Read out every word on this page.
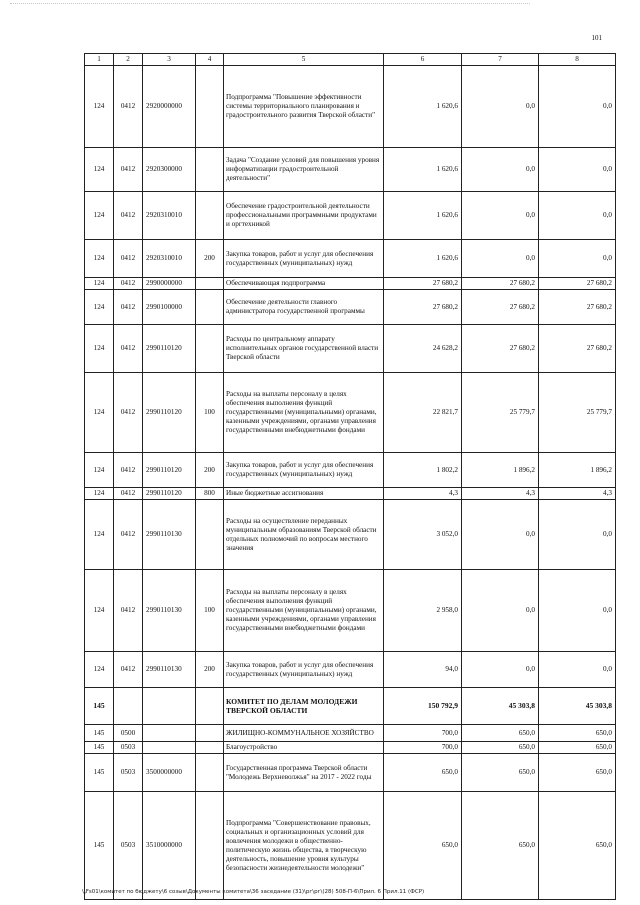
101
1	2	3	4	5	6	7	8
124	0412	2920000000		Подпрограмма "Повышение эффективности системы территориального планирования и градостроительного развития Тверской области"	1 620,6	0,0	0,0
124	0412	2920300000		Задача "Создание условий для повышения уровня информатизации градостроительной деятельности"	1 620,6	0,0	0,0
124	0412	2920310010		Обеспечение градостроительной деятельности профессиональными программными продуктами и оргтехникой	1 620,6	0,0	0,0
124	0412	2920310010	200	Закупка товаров, работ и услуг для обеспечения государственных (муниципальных) нужд	1 620,6	0,0	0,0
124	0412	2990000000		Обеспечивающая подпрограмма	27 680,2	27 680,2	27 680,2
124	0412	2990100000		Обеспечение деятельности главного администратора государственной программы	27 680,2	27 680,2	27 680,2
124	0412	2990110120		Расходы по центральному аппарату исполнительных органов государственной власти Тверской области	24 628,2	27 680,2	27 680,2
124	0412	2990110120	100	Расходы на выплаты персоналу в целях обеспечения выполнения функций государственными (муниципальными) органами, казенными учреждениями, органами управления государственными внебюджетными фондами	22 821,7	25 779,7	25 779,7
124	0412	2990110120	200	Закупка товаров, работ и услуг для обеспечения государственных (муниципальных) нужд	1 802,2	1 896,2	1 896,2
124	0412	2990110120	800	Иные бюджетные ассигнования	4,3	4,3	4,3
124	0412	2990110130		Расходы на осуществление переданных муниципальным образованиям Тверской области отдельных полномочий по вопросам местного значения	3 052,0	0,0	0,0
124	0412	2990110130	100	Расходы на выплаты персоналу в целях обеспечения выполнения функций государственными (муниципальными) органами, казенными учреждениями, органами управления государственными внебюджетными фондами	2 958,0	0,0	0,0
124	0412	2990110130	200	Закупка товаров, работ и услуг для обеспечения государственных (муниципальных) нужд	94,0	0,0	0,0
145				КОМИТЕТ ПО ДЕЛАМ МОЛОДЕЖИ ТВЕРСКОЙ ОБЛАСТИ	150 792,9	45 303,8	45 303,8
145	0500			ЖИЛИЩНО-КОММУНАЛЬНОЕ ХОЗЯЙСТВО	700,0	650,0	650,0
145	0503			Благоустройство	700,0	650,0	650,0
145	0503	3500000000		Государственная программа Тверской области "Молодежь Верхневолжья" на 2017 - 2022 годы	650,0	650,0	650,0
145	0503	3510000000		Подпрограмма "Совершенствование правовых, социальных и организационных условий для вовлечения молодежи в общественно-политическую жизнь общества, в творческую деятельность, повышение уровня культуры безопасности жизнедеятельности молодежи"	650,0	650,0	650,0
\\Fs01\комитет по бюджету\6 созыв\Документы комитета\36 заседание (31)\рг\рг\(28) 508-П-6\Прил. 6 Прил.11 (ФСР)
